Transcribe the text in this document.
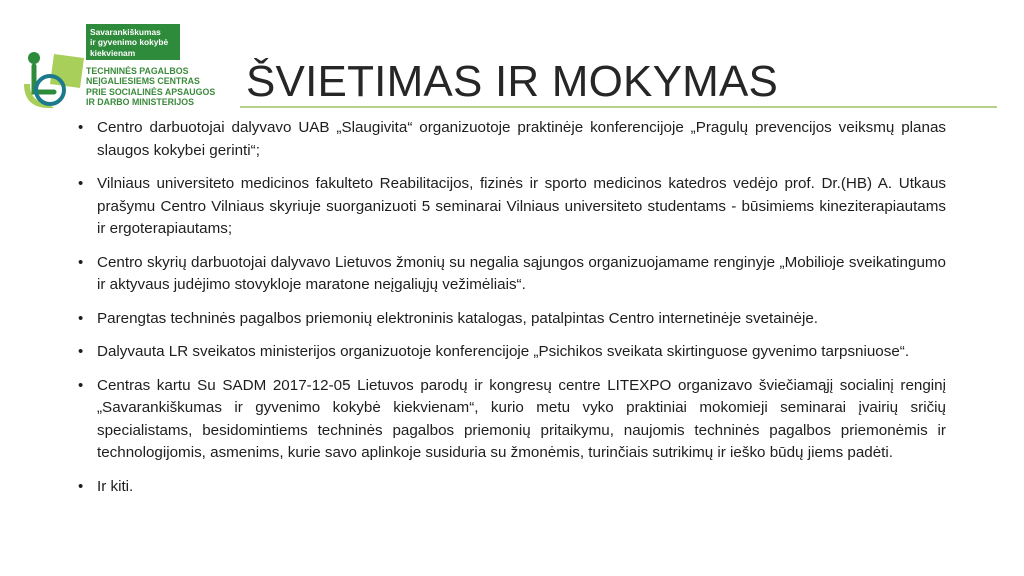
Savarankiškumas
ir gyvenimo kokybė
kiekvienam
TECHNINĖS PAGALBOS
NEĮGALIESIEMS CENTRAS
PRIE SOCIALINĖS APSAUGOS
IR DARBO MINISTERIJOS	ŠVIETIMAS IR MOKYMAS
• Centro darbuotojai dalyvavo UAB „Slaugivita“ organizuotoje praktinėje konferencijoje „Pragulų prevencijos veiksmų planas slaugos kokybei gerinti“;
• Vilniaus universiteto medicinos fakulteto Reabilitacijos, fizinės ir sporto medicinos katedros vedėjo prof. Dr.(HB) A. Utkaus prašymu Centro Vilniaus skyriuje suorganizuoti 5 seminarai Vilniaus universiteto studentams - būsimiems kineziterapiautams ir ergoterapiautams;
• Centro skyrių darbuotojai dalyvavo Lietuvos žmonių su negalia sąjungos organizuojamame renginyje „Mobilioje sveikatingumo ir aktyvaus judėjimo stovykloje maratone neįgaliųjų vežimėliais“.
• Parengtas techninės pagalbos priemonių elektroninis katalogas, patalpintas Centro internetinėje svetainėje.
• Dalyvauta LR sveikatos ministerijos organizuotoje konferencijoje „Psichikos sveikata skirtinguose gyvenimo tarpsniuose“.
• Centras kartu Su SADM 2017-12-05 Lietuvos parodų ir kongresų centre LITEXPO organizavo šviečiamąjį socialinį renginį „Savarankiškumas ir gyvenimo kokybė kiekvienam“, kurio metu vyko praktiniai mokomieji seminarai įvairių sričių specialistams, besidomintiems techninės pagalbos priemonių pritaikymu, naujomis techninės pagalbos priemonėmis ir technologijomis, asmenims, kurie savo aplinkoje susiduria su žmonėmis, turinčiais sutrikimų ir ieško būdų jiems padėti.
• Ir kiti.
